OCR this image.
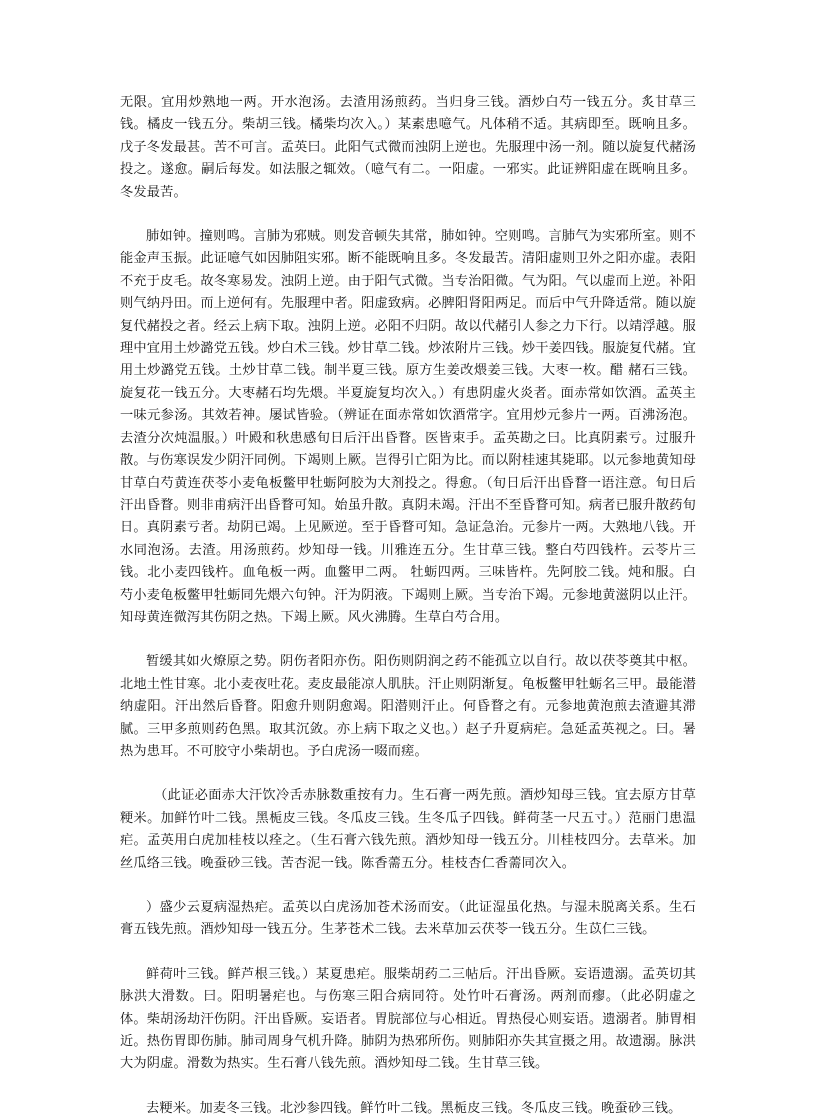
无限。宜用炒熟地一两。开水泡汤。去渣用汤煎药。当归身三钱。酒炒白芍一钱五分。炙甘草三钱。橘皮一钱五分。柴胡三钱。橘柴均次入。）某素患噫气。凡体稍不适。其病即至。既响且多。戊子冬发最甚。苦不可言。孟英曰。此阳气式微而浊阴上逆也。先服理中汤一剂。随以旋复代赭汤投之。遂愈。嗣后每发。如法服之辄效。（噫气有二。一阳虚。一邪实。此证辨阳虚在既响且多。冬发最苦。

肺如钟。撞则鸣。言肺为邪贼。则发音顿失其常，肺如钟。空则鸣。言肺气为实邪所室。则不能金声玉振。此证噫气如因肺阻实邪。断不能既响且多。冬发最苦。清阳虚则卫外之阳亦虚。表阳不充于皮毛。故冬寒易发。浊阴上逆。由于阳气式微。当专治阳微。气为阳。气以虚而上逆。补阳则气纳丹田。而上逆何有。先服理中者。阳虚致病。必脾阳肾阳两足。而后中气升降适常。随以旋复代赭投之者。经云上病下取。浊阴上逆。必阳不归阴。故以代赭引人参之力下行。以靖浮越。服理中宜用土炒潞党五钱。炒白术三钱。炒甘草二钱。炒浓附片三钱。炒干姜四钱。服旋复代赭。宜用土炒潞党五钱。土炒甘草二钱。制半夏三钱。原方生姜改煨姜三钱。大枣一枚。醋 赭石三钱。旋复花一钱五分。大枣赭石均先煨。半夏旋复均次入。）有患阴虚火炎者。面赤常如饮酒。孟英主一味元参汤。其效若神。屡试皆验。（辨证在面赤常如饮酒常字。宜用炒元参片一两。百沸汤泡。去渣分次炖温服。）叶殿和秋患感旬日后汗出昏瞀。医皆束手。孟英勘之曰。比真阴素亏。过服升散。与伤寒误发少阴汗同例。下竭则上厥。岂得引亡阳为比。而以附桂速其毙耶。以元参地黄知母甘草白芍黄连茯苓小麦龟板鳖甲牡蛎阿胶为大剂投之。得愈。（旬日后汗出昏瞀一语注意。旬日后汗出昏瞀。则非甫病汗出昏瞀可知。始虽升散。真阴未竭。汗出不至昏瞀可知。病者已服升散药旬日。真阴素亏者。劫阴已竭。上见厥逆。至于昏瞀可知。急证急治。元参片一两。大熟地八钱。开水同泡汤。去渣。用汤煎药。炒知母一钱。川雅连五分。生甘草三钱。整白芍四钱杵。云苓片三钱。北小麦四钱杵。血龟板一两。血鳖甲二两。 牡蛎四两。三味皆杵。先阿胶二钱。炖和服。白芍小麦龟板鳖甲牡蛎同先煨六句钟。汗为阴液。下竭则上厥。当专治下竭。元参地黄滋阴以止汗。知母黄连微泻其伤阴之热。下竭上厥。风火沸腾。生草白芍合用。

暂缓其如火燎原之势。阴伤者阳亦伤。阳伤则阴润之药不能孤立以自行。故以茯苓奠其中枢。北地土性甘寒。北小麦夜吐花。麦皮最能凉人肌肤。汗止则阴渐复。龟板鳖甲牡蛎名三甲。最能潜纳虚阳。汗出然后昏瞀。阳愈升则阴愈竭。阳潜则汗止。何昏瞀之有。元参地黄泡煎去渣避其滞腻。三甲多煎则药色黑。取其沉敛。亦上病下取之义也。）赵子升夏病疟。急延孟英视之。曰。暑热为患耳。不可胶守小柴胡也。予白虎汤一啜而瘥。

（此证必面赤大汗饮冷舌赤脉数重按有力。生石膏一两先煎。酒炒知母三钱。宜去原方甘草粳米。加鲜竹叶二钱。黑栀皮三钱。冬瓜皮三钱。生冬瓜子四钱。鲜荷茎一尺五寸。）范丽门患温疟。孟英用白虎加桂枝以痊之。（生石膏六钱先煎。酒炒知母一钱五分。川桂枝四分。去草米。加丝瓜络三钱。晚蚕砂三钱。苦杏泥一钱。陈香薷五分。桂枝杏仁香薷同次入。

）盛少云夏病湿热疟。孟英以白虎汤加苍术汤而安。（此证湿虽化热。与湿未脱离关系。生石膏五钱先煎。酒炒知母一钱五分。生茅苍术二钱。去米草加云茯苓一钱五分。生苡仁三钱。

鲜荷叶三钱。鲜芦根三钱。）某夏患疟。服柴胡药二三帖后。汗出昏厥。妄语遗溺。孟英切其脉洪大滑数。曰。阳明暑疟也。与伤寒三阳合病同符。处竹叶石膏汤。两剂而瘳。（此必阴虚之体。柴胡汤劫汗伤阴。汗出昏厥。妄语者。胃脘部位与心相近。胃热侵心则妄语。遗溺者。肺胃相近。热伤胃即伤肺。肺司周身气机升降。肺阴为热邪所伤。则肺阳亦失其宣摄之用。故遗溺。脉洪大为阴虚。滑数为热实。生石膏八钱先煎。酒炒知母二钱。生甘草三钱。

去粳米。加麦冬三钱。北沙参四钱。鲜竹叶二钱。黑栀皮三钱。冬瓜皮三钱。晚蚕砂三钱。
